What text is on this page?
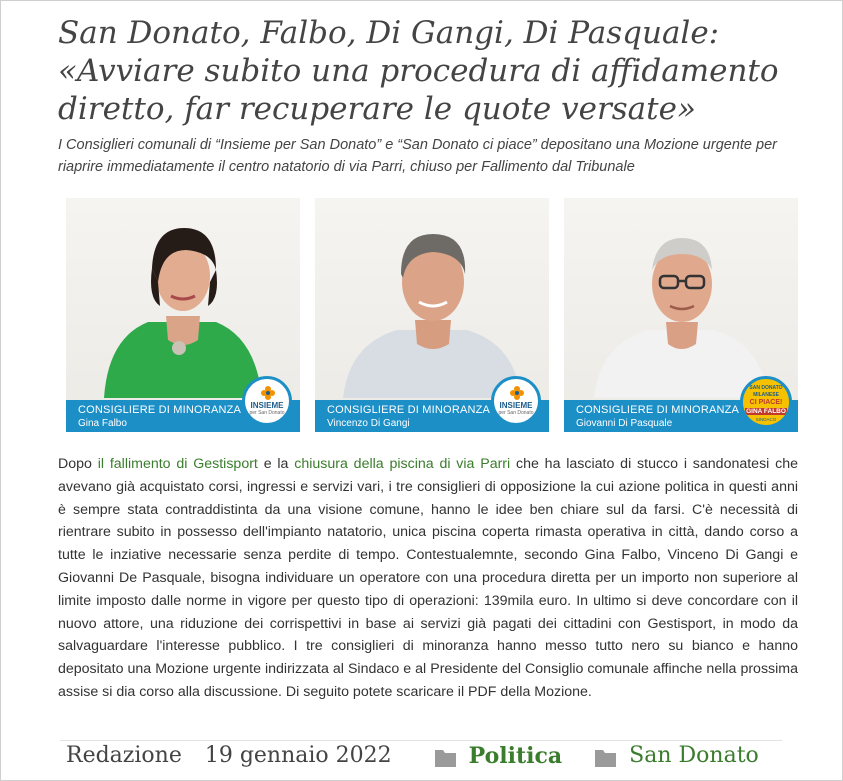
San Donato, Falbo, Di Gangi, Di Pasquale: «Avviare subito una procedura di affidamento diretto, far recuperare le quote versate»

I Consiglieri comunali di “Insieme per San Donato” e “San Donato ci piace” depositano una Mozione urgente per riaprire immediatamente il centro natatorio di via Parri, chiuso per Fallimento dal Tribunale

CONSIGLIERE DI MINORANZA
Gina Falbo
INSIEME
per San Donato	CONSIGLIERE DI MINORANZA
Vincenzo Di Gangi
INSIEME
per San Donato	CONSIGLIERE DI MINORANZA
Giovanni Di Pasquale
SAN DONATO
MILANESE
CI PIACE!
GINA FALBO
SINDACO

Dopo il fallimento di Gestisport e la chiusura della piscina di via Parri che ha lasciato di stucco i sandonatesi che avevano già acquistato corsi, ingressi e servizi vari, i tre consiglieri di opposizione la cui azione politica in questi anni è sempre stata contraddistinta da una visione comune, hanno le idee ben chiare sul da farsi. C'è necessità di rientrare subito in possesso dell'impianto natatorio, unica piscina coperta rimasta operativa in città, dando corso a tutte le inziative necessarie senza perdite di tempo. Contestualemnte, secondo Gina Falbo, Vinceno Di Gangi e Giovanni De Pasquale, bisogna individuare un operatore con una procedura diretta per un importo non superiore al limite imposto dalle norme in vigore per questo tipo di operazioni: 139mila euro. In ultimo si deve concordare con il nuovo attore, una riduzione dei corrispettivi in base ai servizi già pagati dei cittadini con Gestisport, in modo da salvaguardare l'interesse pubblico. I tre consiglieri di minoranza hanno messo tutto nero su bianco e hanno depositato una Mozione urgente indirizzata al Sindaco e al Presidente del Consiglio comunale affinche nella prossima assise si dia corso alla discussione. Di seguito potete scaricare il PDF della Mozione.

Redazione 19 gennaio 2022	Politica	San Donato
